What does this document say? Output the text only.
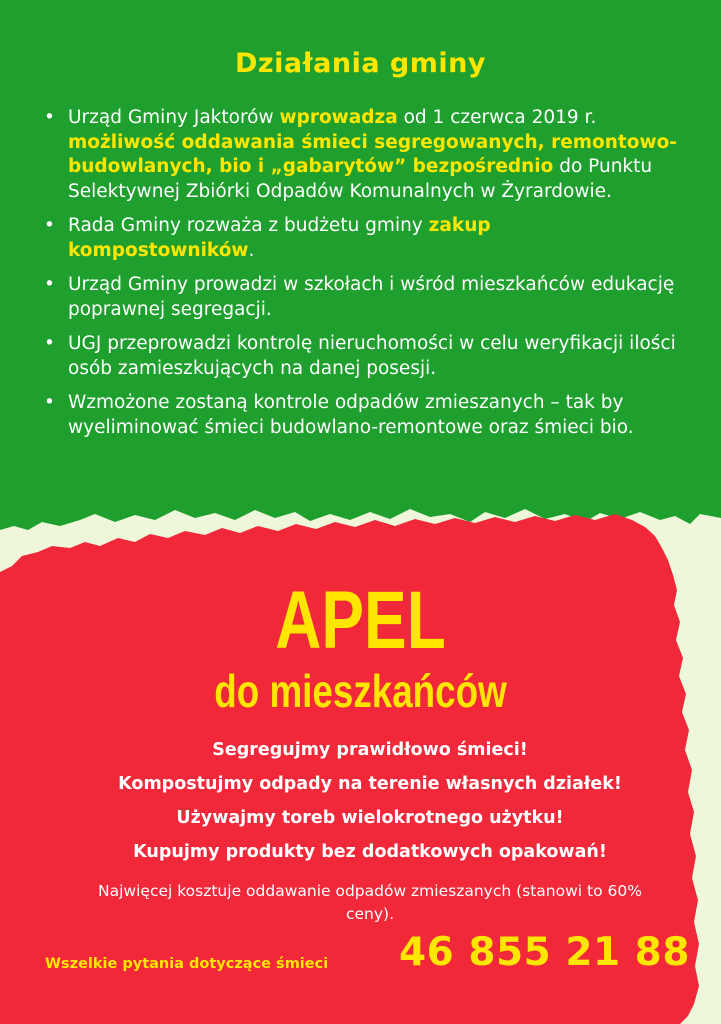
Działania gminy
• Urząd Gminy Jaktorów wprowadza od 1 czerwca 2019 r. możliwość oddawania śmieci segregowanych, remontowo-budowlanych, bio i „gabarytów” bezpośrednio do Punktu Selektywnej Zbiórki Odpadów Komunalnych w Żyrardowie.
• Rada Gminy rozważa z budżetu gminy zakup kompostowników.
• Urząd Gminy prowadzi w szkołach i wśród mieszkańców edukację poprawnej segregacji.
• UGJ przeprowadzi kontrolę nieruchomości w celu weryfikacji ilości osób zamieszkujących na danej posesji.
• Wzmożone zostaną kontrole odpadów zmieszanych – tak by wyeliminować śmieci budowlano-remontowe oraz śmieci bio.
APEL
do mieszkańców
Segregujmy prawidłowo śmieci!
Kompostujmy odpady na terenie własnych działek!
Używajmy toreb wielokrotnego użytku!
Kupujmy produkty bez dodatkowych opakowań!
Najwięcej kosztuje oddawanie odpadów zmieszanych (stanowi to 60% ceny).
Wszelkie pytania dotyczące śmieci 46 855 21 88
